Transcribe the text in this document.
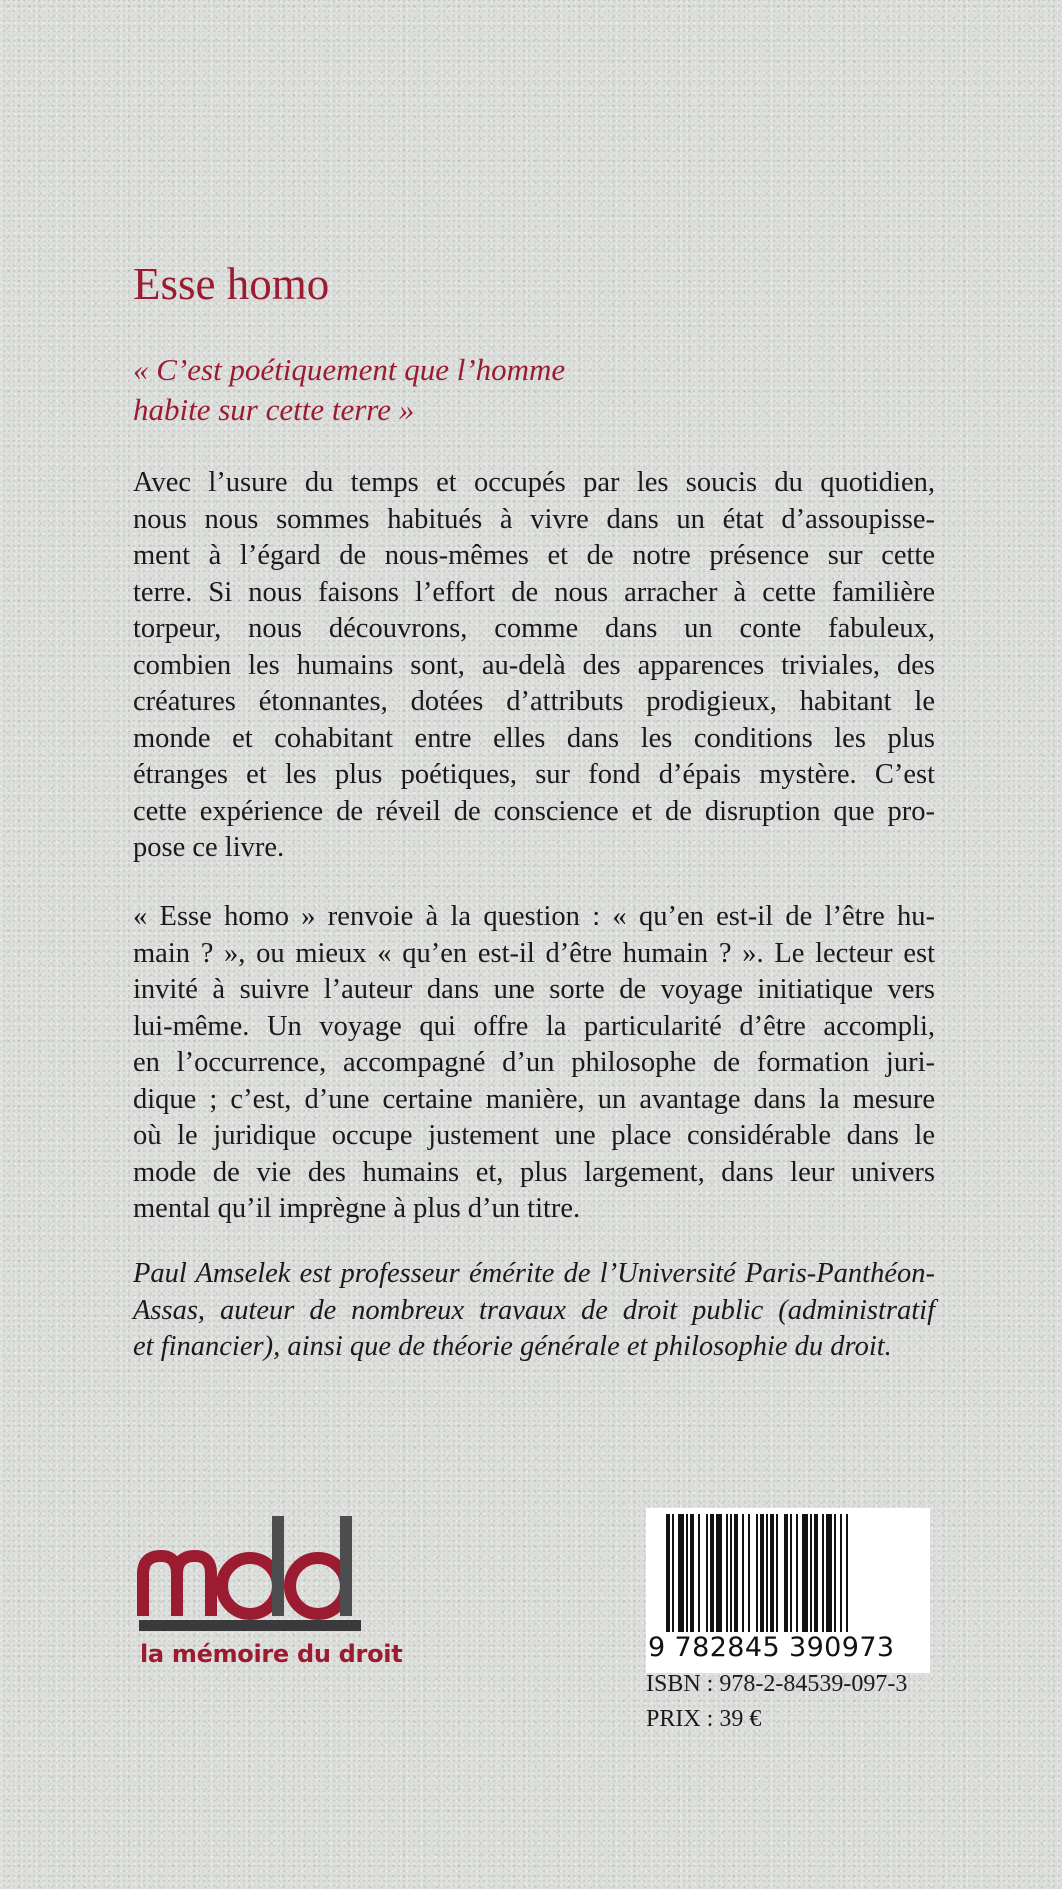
Esse homo
« C’est poétiquement que l’homme
habite sur cette terre »
Avec l’usure du temps et occupés par les soucis du quotidien,
nous nous sommes habitués à vivre dans un état d’assoupisse-
ment à l’égard de nous-mêmes et de notre présence sur cette
terre. Si nous faisons l’effort de nous arracher à cette familière
torpeur, nous découvrons, comme dans un conte fabuleux,
combien les humains sont, au-delà des apparences triviales, des
créatures étonnantes, dotées d’attributs prodigieux, habitant le
monde et cohabitant entre elles dans les conditions les plus
étranges et les plus poétiques, sur fond d’épais mystère. C’est
cette expérience de réveil de conscience et de disruption que pro-
pose ce livre.
« Esse homo » renvoie à la question : « qu’en est-il de l’être hu-
main ? », ou mieux « qu’en est-il d’être humain ? ». Le lecteur est
invité à suivre l’auteur dans une sorte de voyage initiatique vers
lui-même. Un voyage qui offre la particularité d’être accompli,
en l’occurrence, accompagné d’un philosophe de formation juri-
dique ; c’est, d’une certaine manière, un avantage dans la mesure
où le juridique occupe justement une place considérable dans le
mode de vie des humains et, plus largement, dans leur univers
mental qu’il imprègne à plus d’un titre.
Paul Amselek est professeur émérite de l’Université Paris-Panthéon-
Assas, auteur de nombreux travaux de droit public (administratif
et financier), ainsi que de théorie générale et philosophie du droit.
la mémoire du droit	9 782845 390973
ISBN : 978-2-84539-097-3
PRIX : 39 €
